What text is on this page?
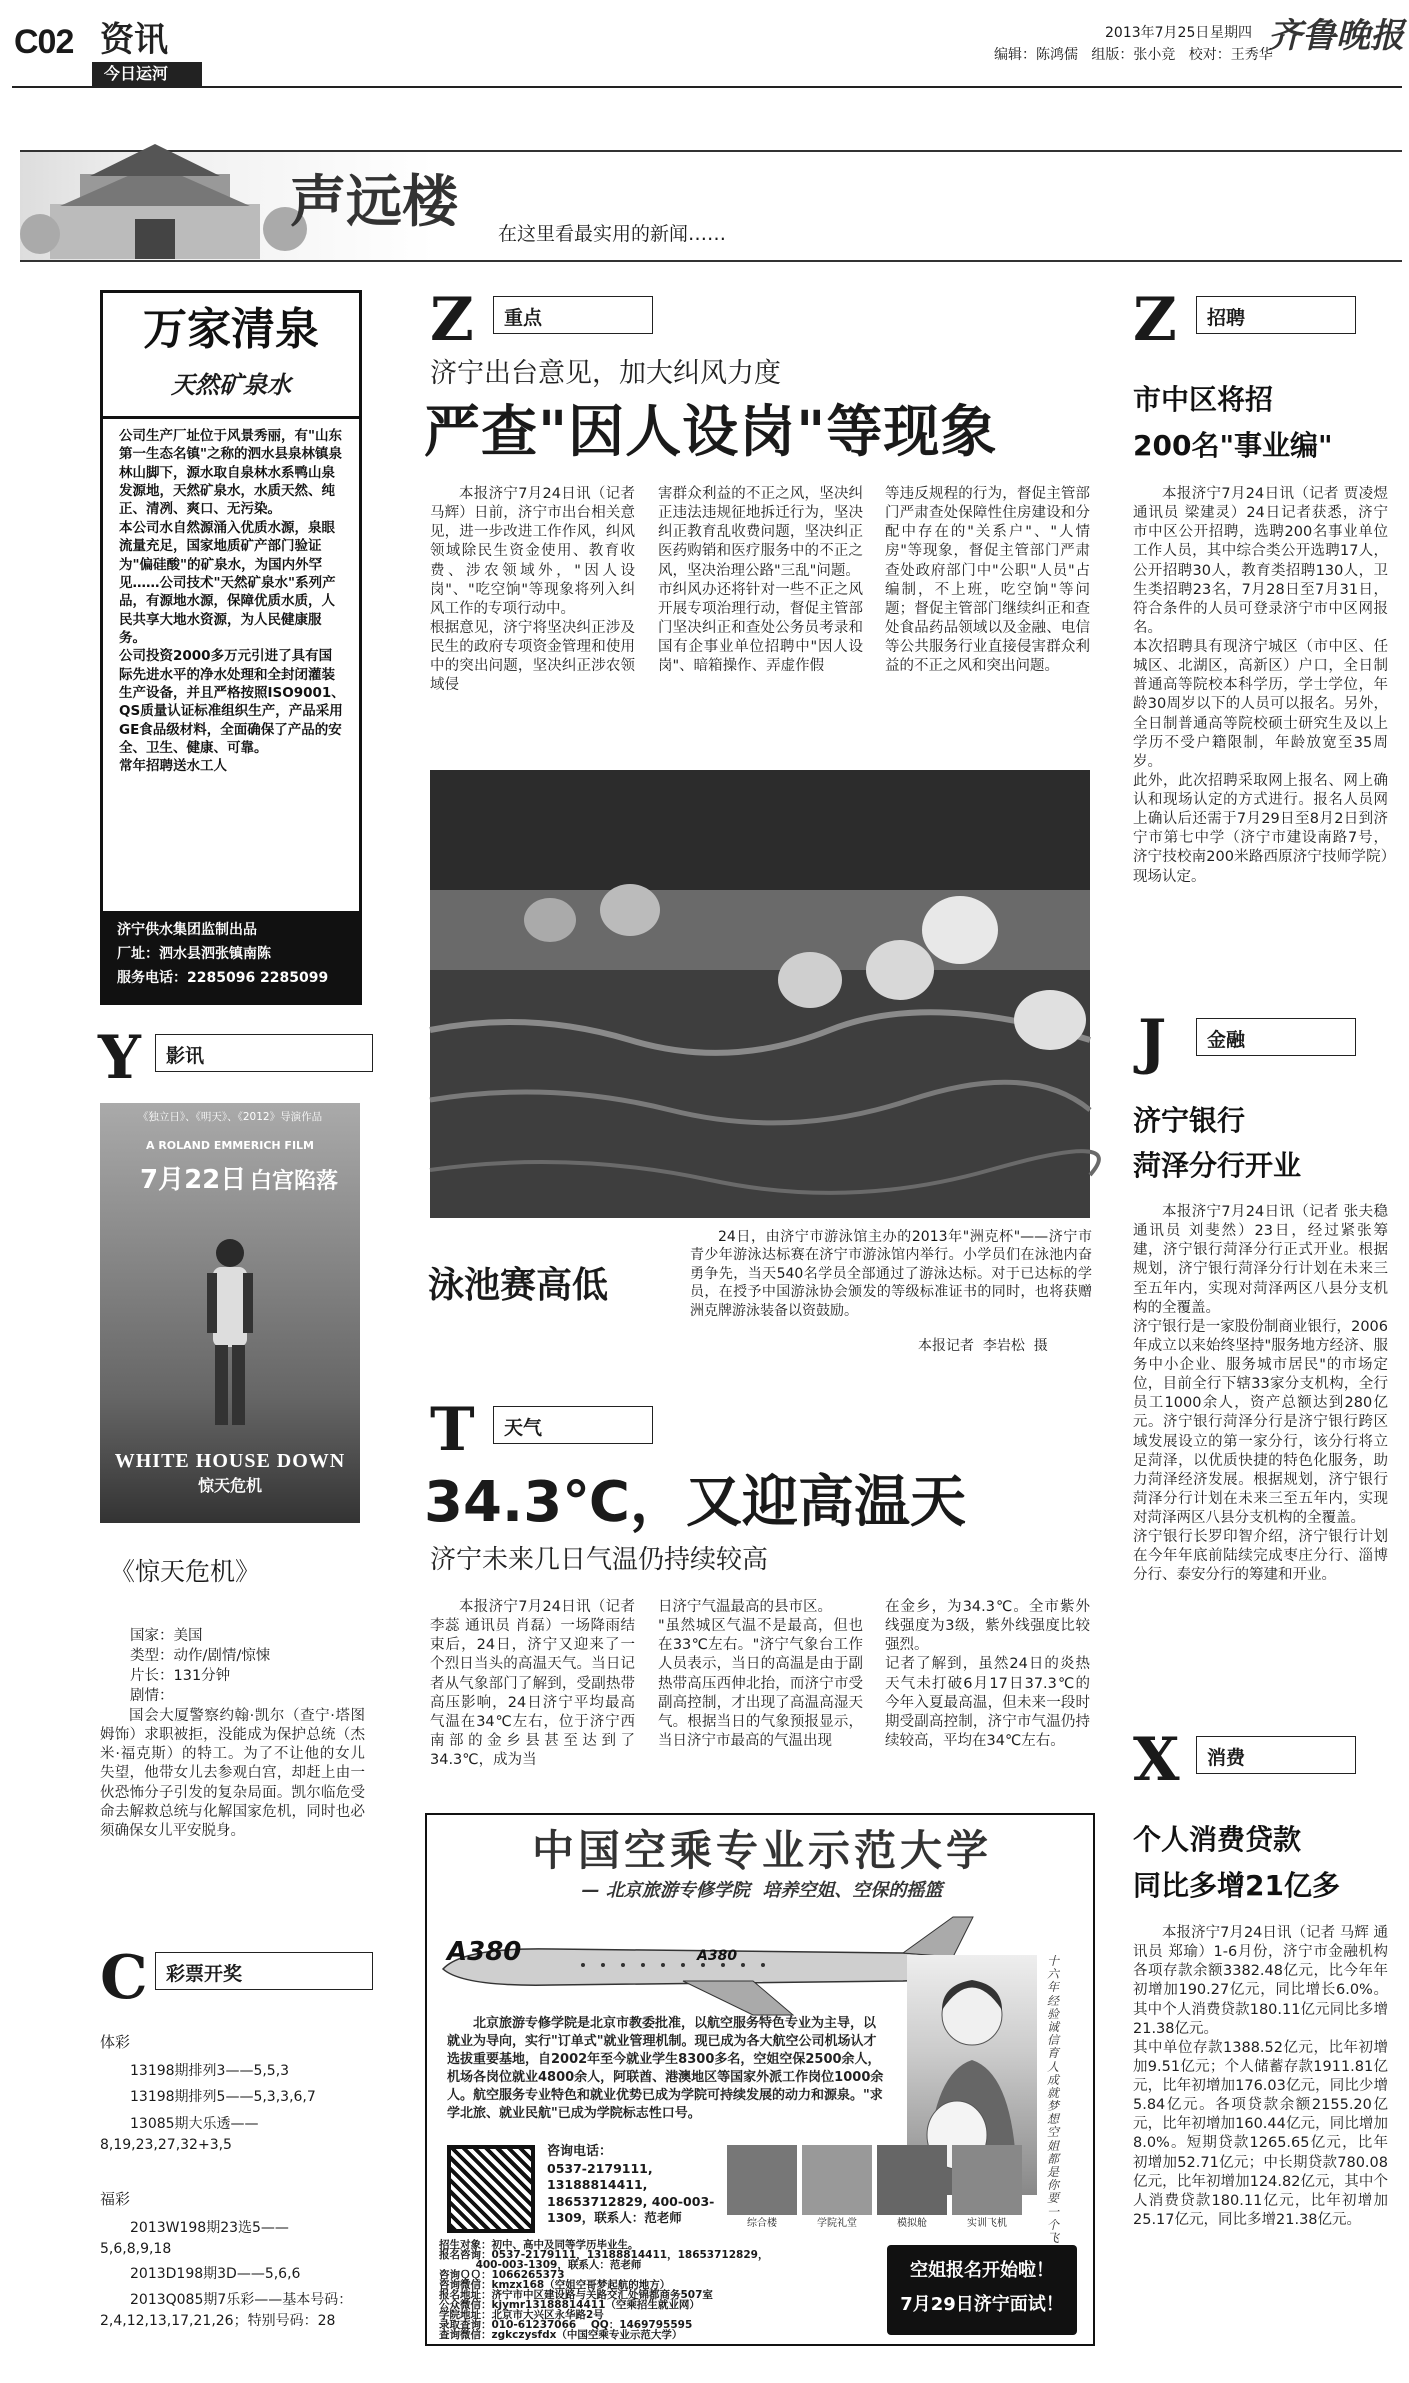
C02 资讯
今日运河
2013年7月25日 星期四
编辑：陈鸿儒   组版：张小竞   校对：王秀华
齐鲁晚报
声远楼 在这里看最实用的新闻……
万家清泉
天然矿泉水
公司生产厂址位于风景秀丽，有"山东第一生态名镇"之称的泗水县泉林镇泉林山脚下，源水取自泉林水系鸭山泉发源地，天然矿泉水，水质天然、纯正、清冽、爽口、无污染。
本公司水自然源涌入优质水源，泉眼流量充足，国家地质矿产部门验证为"偏硅酸"的矿泉水，为国内外罕见……公司技术"天然矿泉水"系列产品，有源地水源，保障优质水质，人民共享大地水资源，为人民健康服务。
公司投资2000多万元引进了具有国际先进水平的净水处理和全封闭灌装生产设备，并且严格按照ISO9001、QS质量认证标准组织生产，产品采用GE食品级材料，全面确保了产品的安全、卫生、健康、可靠。
常年招聘送水工人
济宁供水集团监制出品
厂址：泗水县泗张镇南陈
服务电话：2285096 2285099
Y	影讯
《独立日》、《明天》、《2012》导演作品
A ROLAND EMMERICH FILM
7月22日 白宫陷落
WHITE HOUSE DOWN
惊天危机
《惊天危机》
国家：美国
类型：动作/剧情/惊悚
片长：131分钟
剧情：
国会大厦警察约翰·凯尔（查宁·塔图姆饰）求职被拒，没能成为保护总统（杰米·福克斯）的特工。为了不让他的女儿失望，他带女儿去参观白宫，却赶上由一伙恐怖分子引发的复杂局面。凯尔临危受命去解救总统与化解国家危机，同时也必须确保女儿平安脱身。
C 彩票开奖
体彩
13198期排列3——5,5,3
13198期排列5——5,3,3,6,7
13085期大乐透——8,19,23,27,32+3,5
福彩
2013W198期23选5——5,6,8,9,18
2013D198期3D——5,6,6
2013Q085期7乐彩——基本号码：2,4,12,13,17,21,26；特别号码：28
Z	重点
济宁出台意见，加大纠风力度
严查"因人设岗"等现象
本报济宁7月24日讯（记者 马辉）日前，济宁市出台相关意见，进一步改进工作作风，纠风领域除民生资金使用、教育收费、涉农领域外，"因人设岗"、"吃空饷"等现象将列入纠风工作的专项行动中。
根据意见，济宁将坚决纠正涉及民生的政府专项资金管理和使用中的突出问题，坚决纠正涉农领域侵
害群众利益的不正之风，坚决纠正违法违规征地拆迁行为，坚决纠正教育乱收费问题，坚决纠正医药购销和医疗服务中的不正之风，坚决治理公路"三乱"问题。
市纠风办还将针对一些不正之风开展专项治理行动，督促主管部门坚决纠正和查处公务员考录和国有企事业单位招聘中"因人设岗"、暗箱操作、弄虚作假
等违反规程的行为，督促主管部门严肃查处保障性住房建设和分配中存在的"关系户"、"人情房"等现象，督促主管部门严肃查处政府部门中"公职"人员"占编制，不上班，吃空饷"等问题；督促主管部门继续纠正和查处食品药品领域以及金融、电信等公共服务行业直接侵害群众利益的不正之风和突出问题。
泳池赛高低
24日，由济宁市游泳馆主办的2013年"洲克杯"——济宁市青少年游泳达标赛在济宁市游泳馆内举行。小学员们在泳池内奋勇争先，当天540名学员全部通过了游泳达标。对于已达标的学员，在授予中国游泳协会颁发的等级标准证书的同时，也将获赠洲克牌游泳装备以资鼓励。
本报记者  李岩松  摄
T	天气
34.3℃，又迎高温天
济宁未来几日气温仍持续较高
本报济宁7月24日讯（记者 李蕊 通讯员 肖磊）一场降雨结束后，24日，济宁又迎来了一个烈日当头的高温天气。当日记者从气象部门了解到，受副热带高压影响，24日济宁平均最高气温在34℃左右，位于济宁西南部的金乡县甚至达到了34.3℃，成为当
日济宁气温最高的县市区。
"虽然城区气温不是最高，但也在33℃左右。"济宁气象台工作人员表示，当日的高温是由于副热带高压西伸北抬，而济宁市受副高控制，才出现了高温高湿天气。根据当日的气象预报显示，当日济宁市最高的气温出现
在金乡，为34.3℃。全市紫外线强度为3级，紫外线强度比较强烈。
记者了解到，虽然24日的炎热天气未打破6月17日37.3℃的今年入夏最高温，但未来一段时期受副高控制，济宁市气温仍持续较高，平均在34℃左右。
中国空乘专业示范大学
— 北京旅游专修学院  培养空姐、空保的摇篮
A380	A380
北京旅游专修学院是北京市教委批准，以航空服务特色专业为主导，以就业为导向，实行"订单式"就业管理机制。现已成为各大航空公司机场认才选拔重要基地，自2002年至今就业学生8300多名，空姐空保2500余人，机场各岗位就业4800余人，阿联酋、港澳地区等国家外派工作岗位1000余人。航空服务专业特色和就业优势已成为学院可持续发展的动力和源泉。"求学北旅、就业民航"已成为学院标志性口号。
十六年经验  诚信育人  成就梦想  空姐都是  你要  一个  飞
咨询电话：
0537-2179111, 13188814411, 18653712829, 400-003-1309，联系人：范老师	综合楼	学院礼堂	模拟舱	实训飞机
招生对象：初中、高中及同等学历毕业生。
报名咨询：0537-2179111，13188814411，18653712829，
400-003-1309，联系人：范老师
咨询ＱＱ：1066265373
咨询微信：kmzx168（空姐空哥梦起航的地方）
报名地址：济宁市中区建设路与关路交汇处锦都商务507室
公众微信：kjymr13188814411（空乘招生就业网）
学院地址：北京市大兴区永华路2号
录取查询：010-61237066    QQ：1469795595
查询微信：zgkczysfdx（中国空乘专业示范大学）
空姐报名开始啦！
7月29日济宁面试！
Z	招聘
市中区将招
200名"事业编"
本报济宁7月24日讯（记者 贾凌煜 通讯员 梁建灵）24日记者获悉，济宁市中区公开招聘，选聘200名事业单位工作人员，其中综合类公开选聘17人，公开招聘30人，教育类招聘130人，卫生类招聘23名，7月28日至7月31日，符合条件的人员可登录济宁市中区网报名。
本次招聘具有现济宁城区（市中区、任城区、北湖区，高新区）户口，全日制普通高等院校本科学历，学士学位，年龄30周岁以下的人员可以报名。另外，全日制普通高等院校硕士研究生及以上学历不受户籍限制，年龄放宽至35周岁。
此外，此次招聘采取网上报名、网上确认和现场认定的方式进行。报名人员网上确认后还需于7月29日至8月2日到济宁市第七中学（济宁市建设南路7号，济宁技校南200米路西原济宁技师学院）现场认定。
J	金融
济宁银行
菏泽分行开业
本报济宁7月24日讯（记者 张夫稳 通讯员 刘斐然）23日，经过紧张筹建，济宁银行菏泽分行正式开业。根据规划，济宁银行菏泽分行计划在未来三至五年内，实现对菏泽两区八县分支机构的全覆盖。
济宁银行是一家股份制商业银行，2006年成立以来始终坚持"服务地方经济、服务中小企业、服务城市居民"的市场定位，目前全行下辖33家分支机构，全行员工1000余人，资产总额达到280亿元。济宁银行菏泽分行是济宁银行跨区域发展设立的第一家分行，该分行将立足菏泽，以优质快捷的特色化服务，助力菏泽经济发展。根据规划，济宁银行菏泽分行计划在未来三至五年内，实现对菏泽两区八县分支机构的全覆盖。
济宁银行长罗印智介绍，济宁银行计划在今年年底前陆续完成枣庄分行、淄博分行、泰安分行的筹建和开业。
X	消费
个人消费贷款
同比多增21亿多
本报济宁7月24日讯（记者 马辉 通讯员 郑瑜）1-6月份，济宁市金融机构各项存款余额3382.48亿元，比今年年初增加190.27亿元，同比增长6.0%。其中个人消费贷款180.11亿元同比多增21.38亿元。
其中单位存款1388.52亿元，比年初增加9.51亿元；个人储蓄存款1911.81亿元，比年初增加176.03亿元，同比少增5.84亿元。各项贷款余额2155.20亿元，比年初增加160.44亿元，同比增加8.0%。短期贷款1265.65亿元，比年初增加52.71亿元；中长期贷款780.08亿元，比年初增加124.82亿元，其中个人消费贷款180.11亿元，比年初增加25.17亿元，同比多增21.38亿元。
